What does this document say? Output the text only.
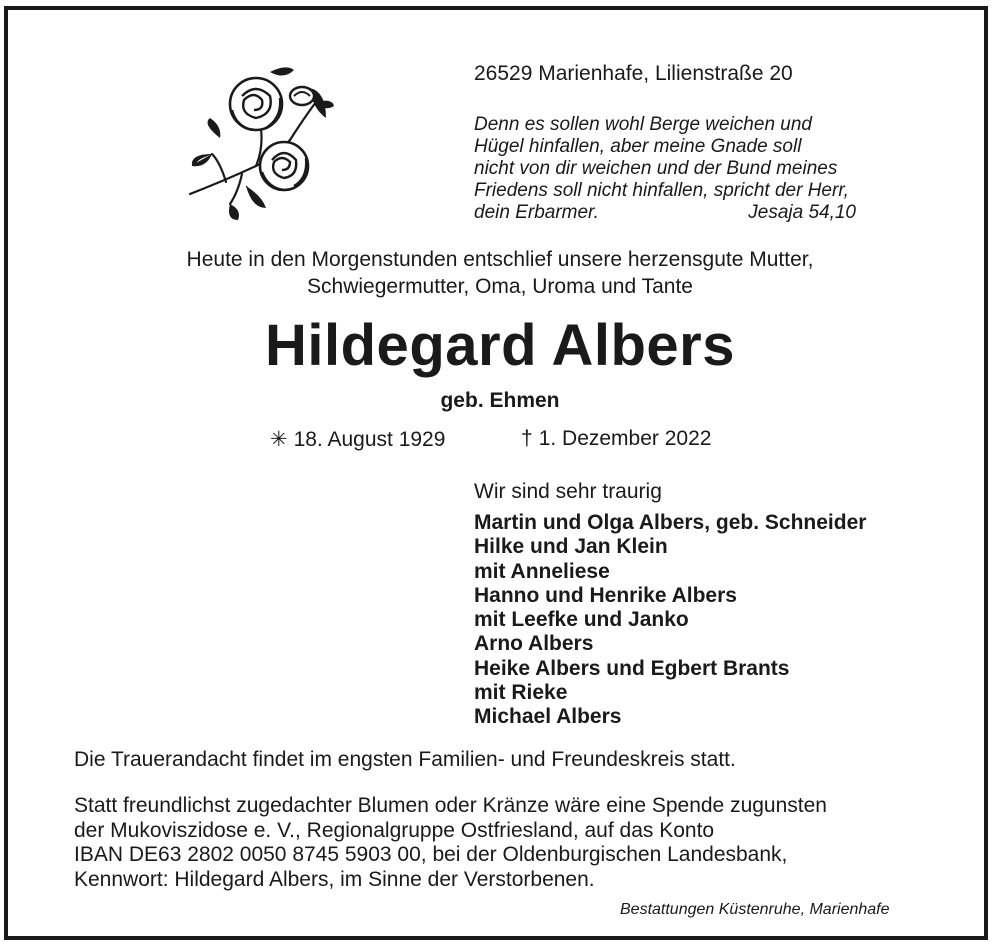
26529 Marienhafe, Lilienstraße 20
Denn es sollen wohl Berge weichen und
Hügel hinfallen, aber meine Gnade soll
nicht von dir weichen und der Bund meines
Friedens soll nicht hinfallen, spricht der Herr,
dein Erbarmer.	Jesaja 54,10
Heute in den Morgenstunden entschlief unsere herzensgute Mutter,
Schwiegermutter, Oma, Uroma und Tante
Hildegard Albers
geb. Ehmen
✳ 18. August 1929	† 1. Dezember 2022
Wir sind sehr traurig
Martin und Olga Albers, geb. Schneider
Hilke und Jan Klein
mit Anneliese
Hanno und Henrike Albers
mit Leefke und Janko
Arno Albers
Heike Albers und Egbert Brants
mit Rieke
Michael Albers
Die Trauerandacht findet im engsten Familien- und Freundeskreis statt.
Statt freundlichst zugedachter Blumen oder Kränze wäre eine Spende zugunsten
der Mukoviszidose e. V., Regionalgruppe Ostfriesland, auf das Konto
IBAN DE63 2802 0050 8745 5903 00, bei der Oldenburgischen Landesbank,
Kennwort: Hildegard Albers, im Sinne der Verstorbenen.
Bestattungen Küstenruhe, Marienhafe
